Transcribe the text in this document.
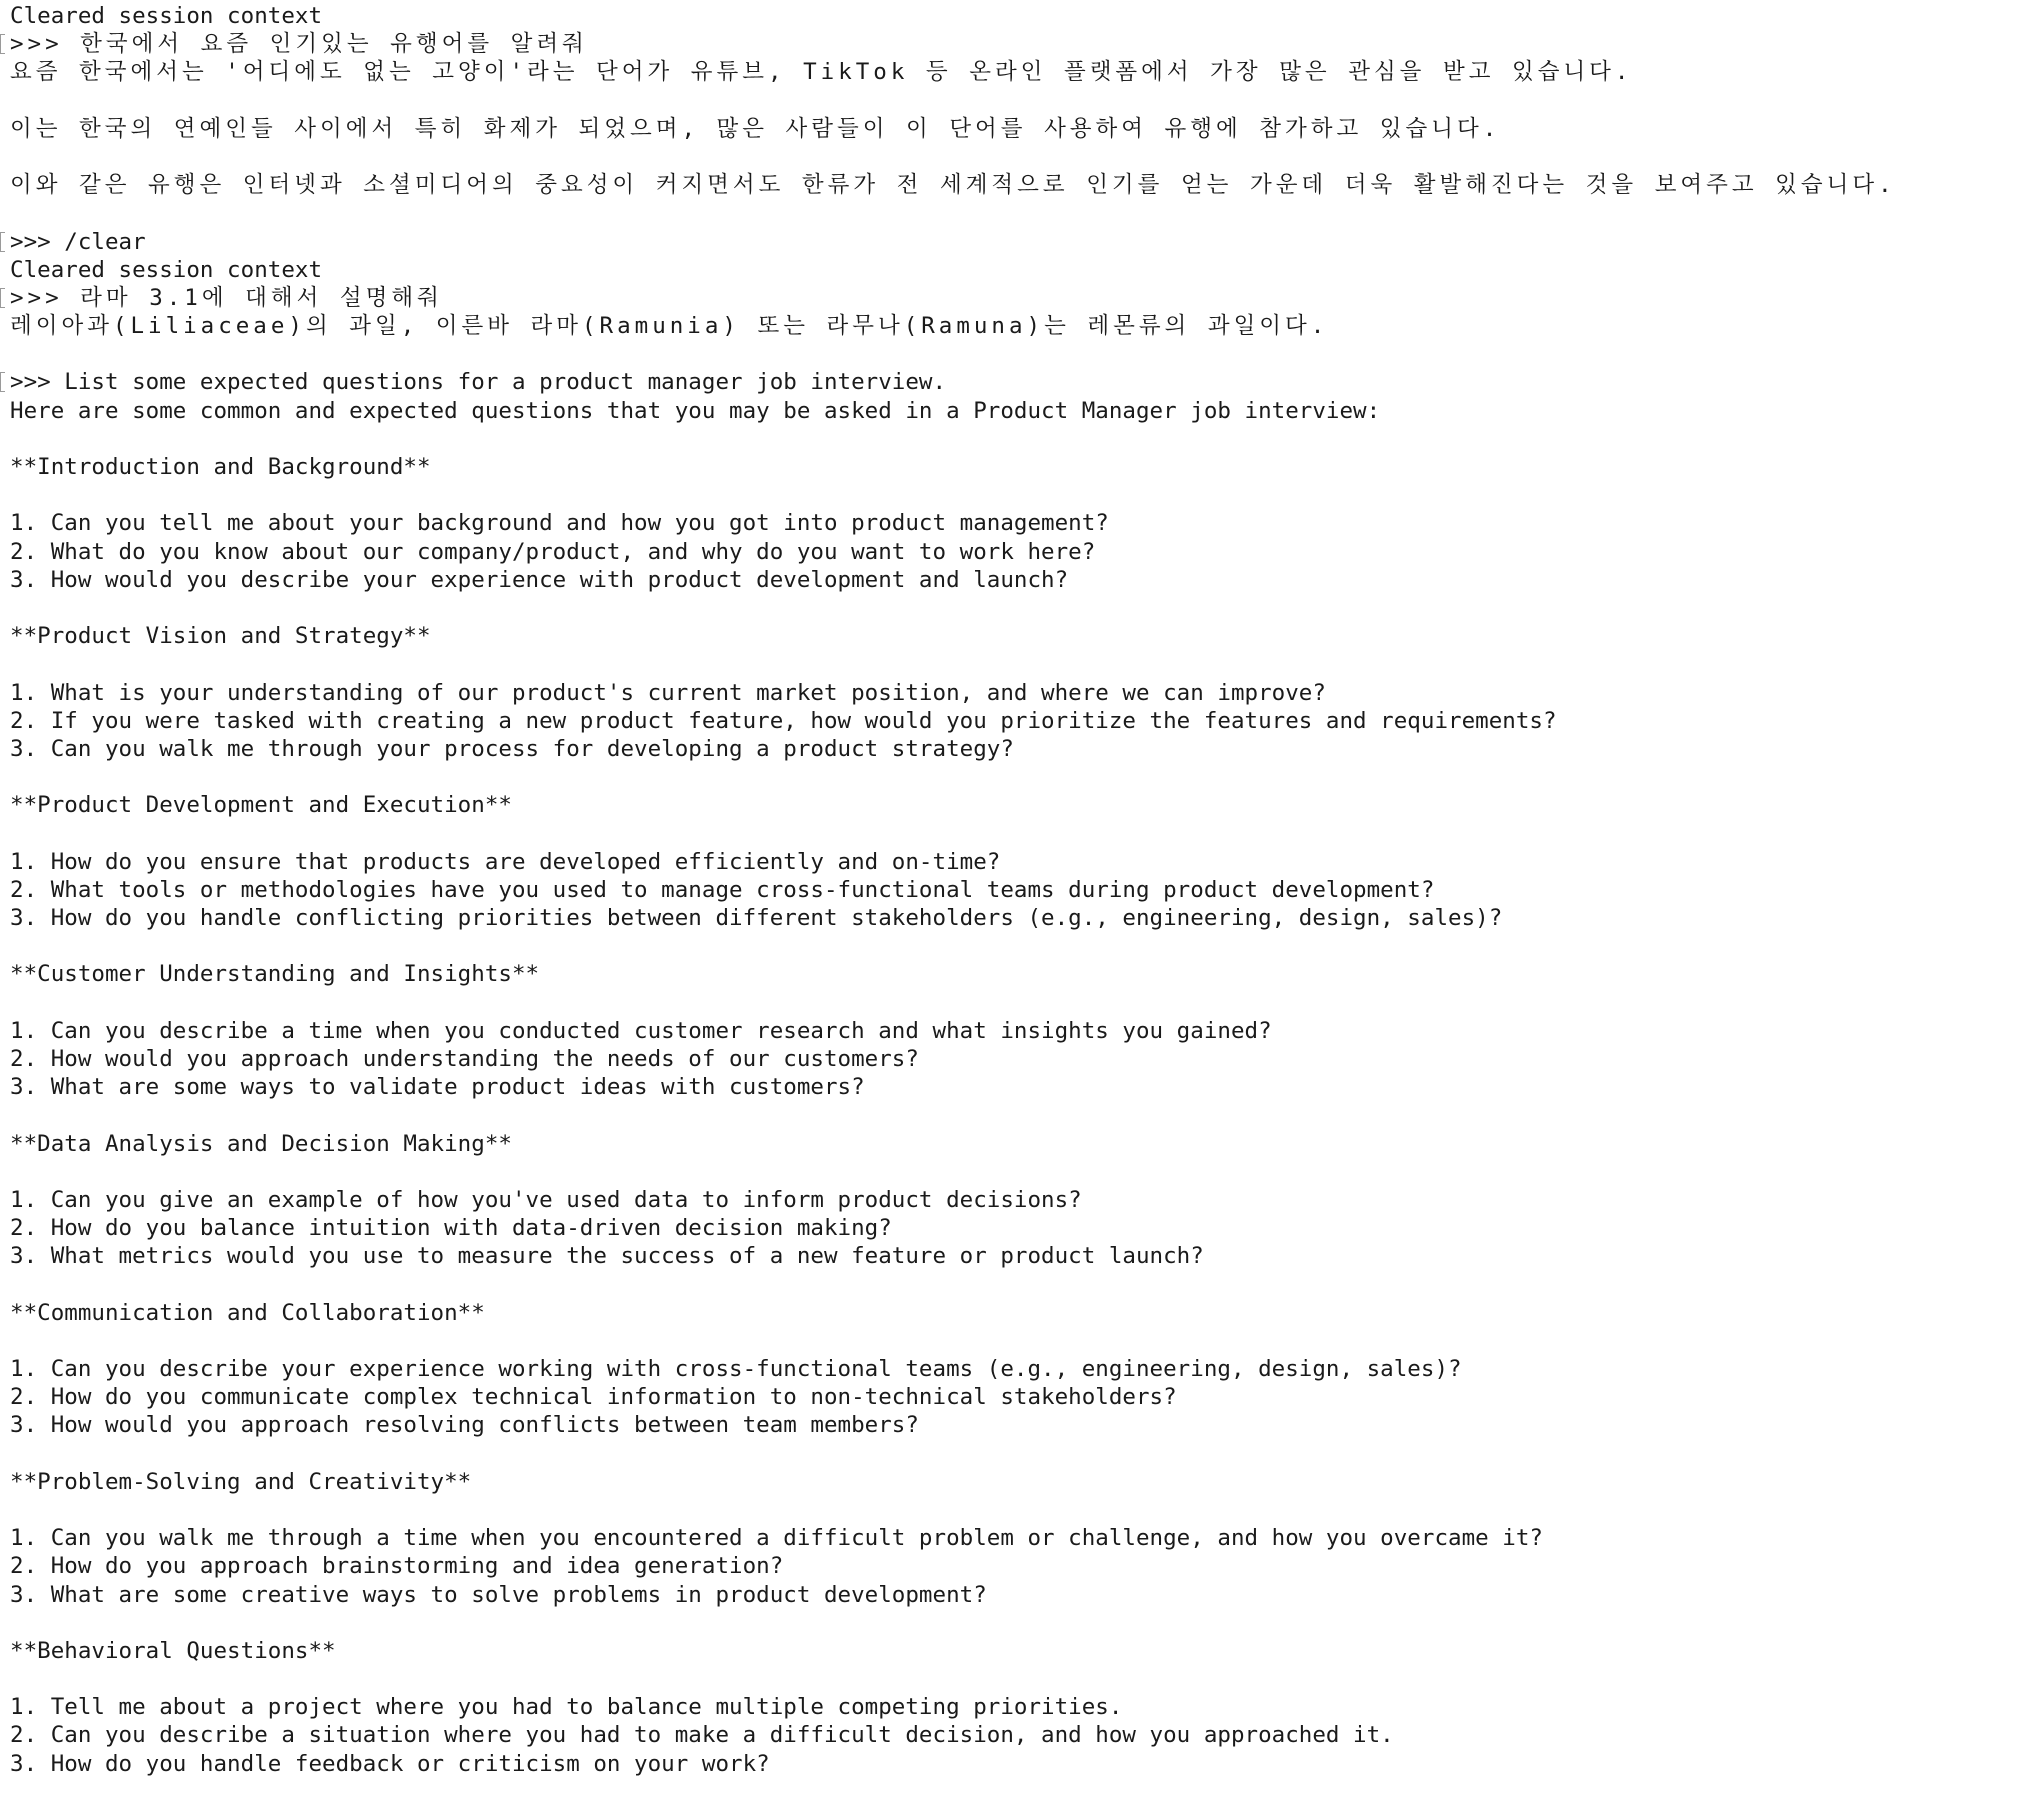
Cleared session context
>>> 한국에서 요즘 인기있는 유행어를 알려줘
요즘 한국에서는 '어디에도 없는 고양이'라는 단어가 유튜브, TikTok 등 온라인 플랫폼에서 가장 많은 관심을 받고 있습니다.
이는 한국의 연예인들 사이에서 특히 화제가 되었으며, 많은 사람들이 이 단어를 사용하여 유행에 참가하고 있습니다.
이와 같은 유행은 인터넷과 소셜미디어의 중요성이 커지면서도 한류가 전 세계적으로 인기를 얻는 가운데 더욱 활발해진다는 것을 보여주고 있습니다.
>>> /clear
Cleared session context
>>> 라마 3.1에 대해서 설명해줘
레이아과(Liliaceae)의 과일, 이른바 라마(Ramunia) 또는 라무나(Ramuna)는 레몬류의 과일이다.
>>> List some expected questions for a product manager job interview.
Here are some common and expected questions that you may be asked in a Product Manager job interview:
**Introduction and Background**
1. Can you tell me about your background and how you got into product management?
2. What do you know about our company/product, and why do you want to work here?
3. How would you describe your experience with product development and launch?
**Product Vision and Strategy**
1. What is your understanding of our product's current market position, and where we can improve?
2. If you were tasked with creating a new product feature, how would you prioritize the features and requirements?
3. Can you walk me through your process for developing a product strategy?
**Product Development and Execution**
1. How do you ensure that products are developed efficiently and on-time?
2. What tools or methodologies have you used to manage cross-functional teams during product development?
3. How do you handle conflicting priorities between different stakeholders (e.g., engineering, design, sales)?
**Customer Understanding and Insights**
1. Can you describe a time when you conducted customer research and what insights you gained?
2. How would you approach understanding the needs of our customers?
3. What are some ways to validate product ideas with customers?
**Data Analysis and Decision Making**
1. Can you give an example of how you've used data to inform product decisions?
2. How do you balance intuition with data-driven decision making?
3. What metrics would you use to measure the success of a new feature or product launch?
**Communication and Collaboration**
1. Can you describe your experience working with cross-functional teams (e.g., engineering, design, sales)?
2. How do you communicate complex technical information to non-technical stakeholders?
3. How would you approach resolving conflicts between team members?
**Problem-Solving and Creativity**
1. Can you walk me through a time when you encountered a difficult problem or challenge, and how you overcame it?
2. How do you approach brainstorming and idea generation?
3. What are some creative ways to solve problems in product development?
**Behavioral Questions**
1. Tell me about a project where you had to balance multiple competing priorities.
2. Can you describe a situation where you had to make a difficult decision, and how you approached it.
3. How do you handle feedback or criticism on your work?
